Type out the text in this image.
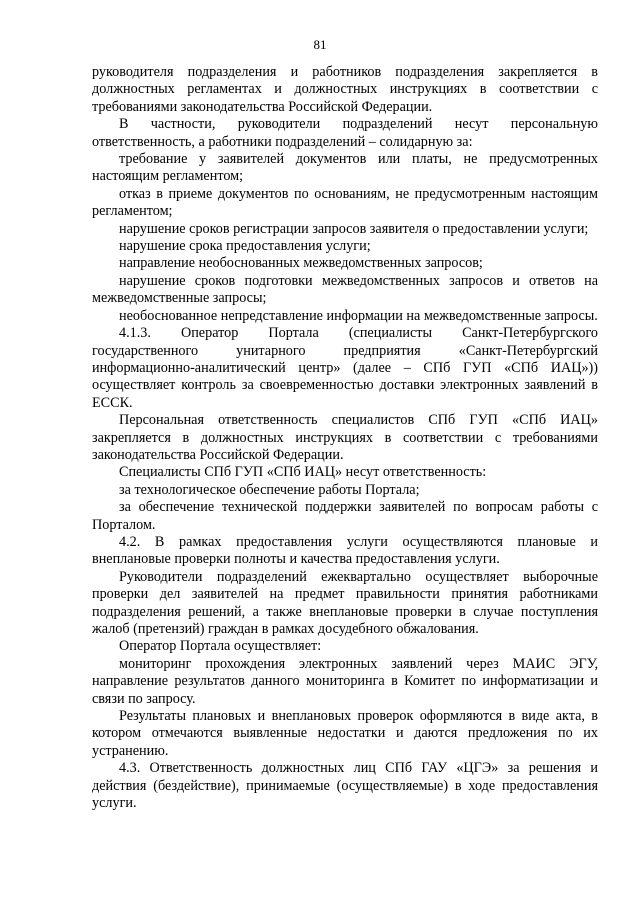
81

руководителя подразделения и работников подразделения закрепляется в должностных регламентах и должностных инструкциях в соответствии с требованиями законодательства Российской Федерации.

В частности, руководители подразделений несут персональную ответственность, а работники подразделений – солидарную за:

требование у заявителей документов или платы, не предусмотренных настоящим регламентом;

отказ в приеме документов по основаниям, не предусмотренным настоящим регламентом;

нарушение сроков регистрации запросов заявителя о предоставлении услуги;

нарушение срока предоставления услуги;

направление необоснованных межведомственных запросов;

нарушение сроков подготовки межведомственных запросов и ответов на межведомственные запросы;

необоснованное непредставление информации на межведомственные запросы.

4.1.3. Оператор Портала (специалисты Санкт-Петербургского государственного унитарного предприятия «Санкт-Петербургский информационно-аналитический центр» (далее – СПб ГУП «СПб ИАЦ»)) осуществляет контроль за своевременностью доставки электронных заявлений в ЕССК.

Персональная ответственность специалистов СПб ГУП «СПб ИАЦ» закрепляется в должностных инструкциях в соответствии с требованиями законодательства Российской Федерации.

Специалисты СПб ГУП «СПб ИАЦ» несут ответственность:

за технологическое обеспечение работы Портала;

за обеспечение технической поддержки заявителей по вопросам работы с Порталом.

4.2. В рамках предоставления услуги осуществляются плановые и внеплановые проверки полноты и качества предоставления услуги.

Руководители подразделений ежеквартально осуществляет выборочные проверки дел заявителей на предмет правильности принятия работниками подразделения решений, а также внеплановые проверки в случае поступления жалоб (претензий) граждан в рамках досудебного обжалования.

Оператор Портала осуществляет:

мониторинг прохождения электронных заявлений через МАИС ЭГУ, направление результатов данного мониторинга в Комитет по информатизации и связи по запросу.

Результаты плановых и внеплановых проверок оформляются в виде акта, в котором отмечаются выявленные недостатки и даются предложения по их устранению.

4.3. Ответственность должностных лиц СПб ГАУ «ЦГЭ» за решения и действия (бездействие), принимаемые (осуществляемые) в ходе предоставления услуги.
